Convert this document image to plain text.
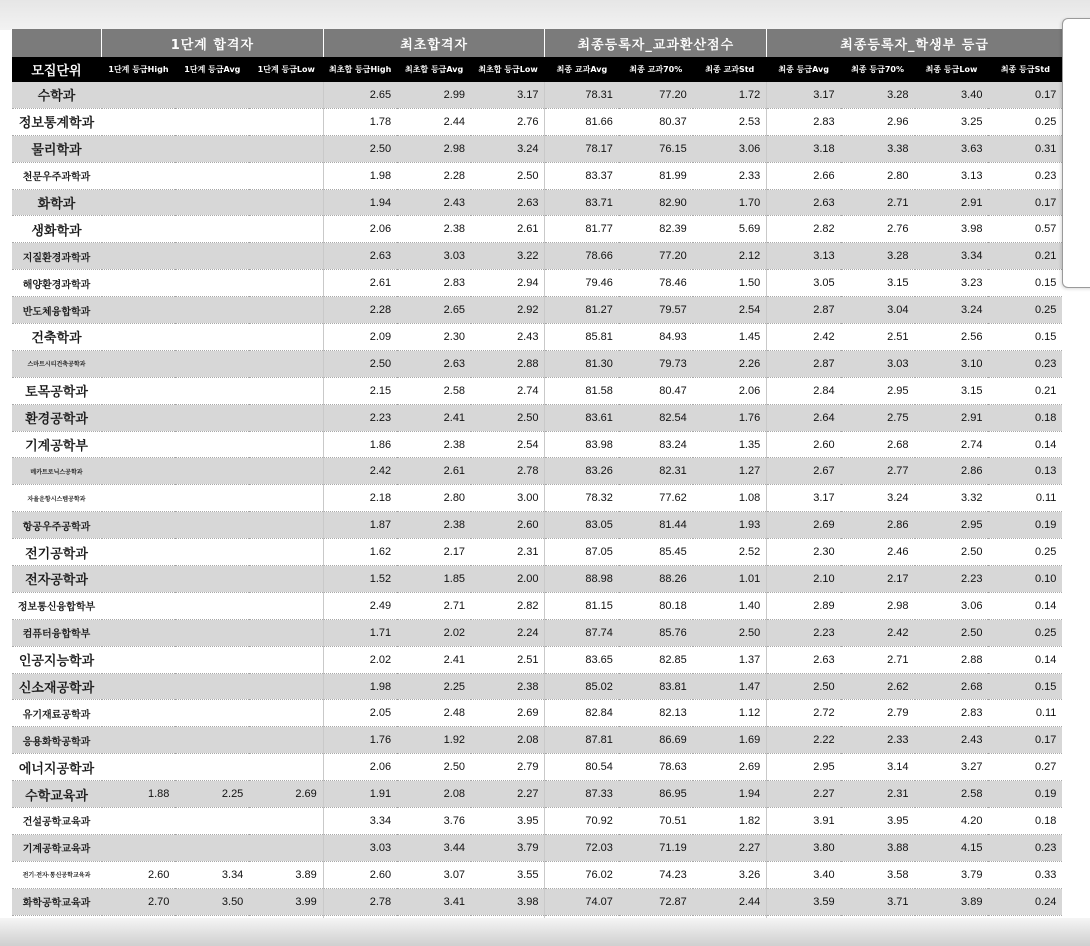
	1단계 합격자			최초합격자			최종등록자_교과환산점수			최종등록자_학생부 등급			
모집단위	1단계 등급High	1단계 등급Avg	1단계 등급Low	최초합 등급High	최초합 등급Avg	최초합 등급Low	최종 교과Avg	최종 교과70%	최종 교과Std	최종 등급Avg	최종 등급70%	최종 등급Low	최종 등급Std
수학과				2.65	2.99	3.17	78.31	77.20	1.72	3.17	3.28	3.40	0.17
정보통계학과				1.78	2.44	2.76	81.66	80.37	2.53	2.83	2.96	3.25	0.25
물리학과				2.50	2.98	3.24	78.17	76.15	3.06	3.18	3.38	3.63	0.31
천문우주과학과				1.98	2.28	2.50	83.37	81.99	2.33	2.66	2.80	3.13	0.23
화학과				1.94	2.43	2.63	83.71	82.90	1.70	2.63	2.71	2.91	0.17
생화학과				2.06	2.38	2.61	81.77	82.39	5.69	2.82	2.76	3.98	0.57
지질환경과학과				2.63	3.03	3.22	78.66	77.20	2.12	3.13	3.28	3.34	0.21
해양환경과학과				2.61	2.83	2.94	79.46	78.46	1.50	3.05	3.15	3.23	0.15
반도체융합학과				2.28	2.65	2.92	81.27	79.57	2.54	2.87	3.04	3.24	0.25
건축학과				2.09	2.30	2.43	85.81	84.93	1.45	2.42	2.51	2.56	0.15
스마트시티건축공학과				2.50	2.63	2.88	81.30	79.73	2.26	2.87	3.03	3.10	0.23
토목공학과				2.15	2.58	2.74	81.58	80.47	2.06	2.84	2.95	3.15	0.21
환경공학과				2.23	2.41	2.50	83.61	82.54	1.76	2.64	2.75	2.91	0.18
기계공학부				1.86	2.38	2.54	83.98	83.24	1.35	2.60	2.68	2.74	0.14
메카트로닉스공학과				2.42	2.61	2.78	83.26	82.31	1.27	2.67	2.77	2.86	0.13
자율운항시스템공학과				2.18	2.80	3.00	78.32	77.62	1.08	3.17	3.24	3.32	0.11
항공우주공학과				1.87	2.38	2.60	83.05	81.44	1.93	2.69	2.86	2.95	0.19
전기공학과				1.62	2.17	2.31	87.05	85.45	2.52	2.30	2.46	2.50	0.25
전자공학과				1.52	1.85	2.00	88.98	88.26	1.01	2.10	2.17	2.23	0.10
정보통신융합학부				2.49	2.71	2.82	81.15	80.18	1.40	2.89	2.98	3.06	0.14
컴퓨터융합학부				1.71	2.02	2.24	87.74	85.76	2.50	2.23	2.42	2.50	0.25
인공지능학과				2.02	2.41	2.51	83.65	82.85	1.37	2.63	2.71	2.88	0.14
신소재공학과				1.98	2.25	2.38	85.02	83.81	1.47	2.50	2.62	2.68	0.15
유기재료공학과				2.05	2.48	2.69	82.84	82.13	1.12	2.72	2.79	2.83	0.11
응용화학공학과				1.76	1.92	2.08	87.81	86.69	1.69	2.22	2.33	2.43	0.17
에너지공학과				2.06	2.50	2.79	80.54	78.63	2.69	2.95	3.14	3.27	0.27
수학교육과	1.88	2.25	2.69	1.91	2.08	2.27	87.33	86.95	1.94	2.27	2.31	2.58	0.19
건설공학교육과				3.34	3.76	3.95	70.92	70.51	1.82	3.91	3.95	4.20	0.18
기계공학교육과				3.03	3.44	3.79	72.03	71.19	2.27	3.80	3.88	4.15	0.23
전기·전자·통신공학교육과	2.60	3.34	3.89	2.60	3.07	3.55	76.02	74.23	3.26	3.40	3.58	3.79	0.33
화학공학교육과	2.70	3.50	3.99	2.78	3.41	3.98	74.07	72.87	2.44	3.59	3.71	3.89	0.24
